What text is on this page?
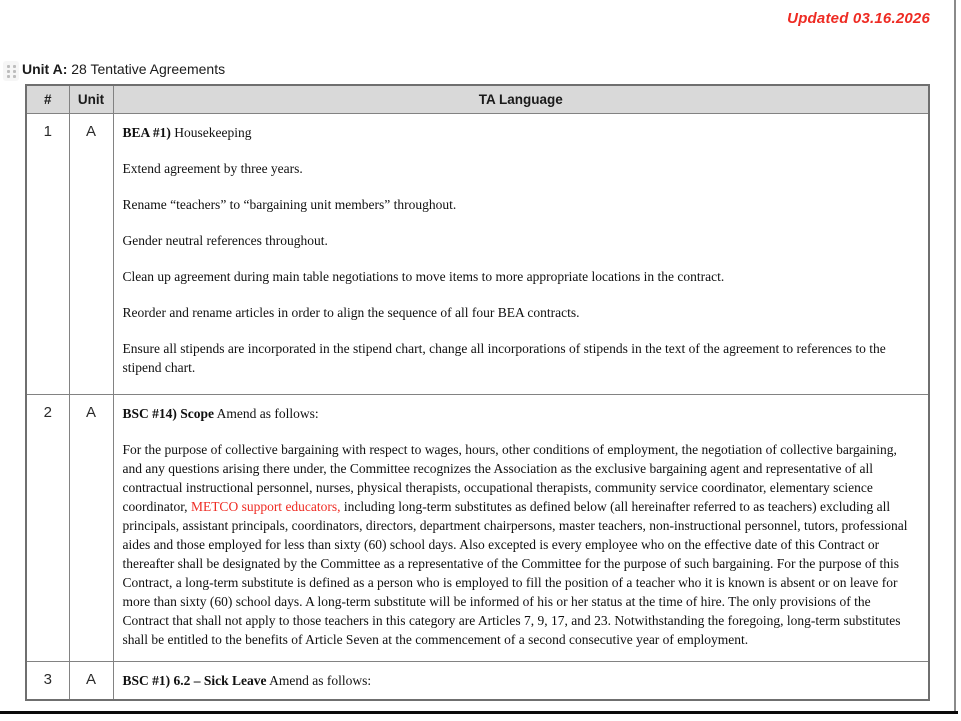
Updated 03.16.2026
Unit A: 28 Tentative Agreements
#	Unit	TA Language
1	A	BEA #1) Housekeeping

Extend agreement by three years.

Rename “teachers” to “bargaining unit members” throughout.

Gender neutral references throughout.

Clean up agreement during main table negotiations to move items to more appropriate locations in the contract.

Reorder and rename articles in order to align the sequence of all four BEA contracts.

Ensure all stipends are incorporated in the stipend chart, change all incorporations of stipends in the text of the agreement to references to the stipend chart.

2	A	BSC #14) Scope Amend as follows:

For the purpose of collective bargaining with respect to wages, hours, other conditions of employment, the negotiation of collective bargaining, and any questions arising there under, the Committee recognizes the Association as the exclusive bargaining agent and representative of all contractual instructional personnel, nurses, physical therapists, occupational therapists, community service coordinator, elementary science coordinator, METCO support educators, including long-term substitutes as defined below (all hereinafter referred to as teachers) excluding all principals, assistant principals, coordinators, directors, department chairpersons, master teachers, non-instructional personnel, tutors, professional aides and those employed for less than sixty (60) school days. Also excepted is every employee who on the effective date of this Contract or thereafter shall be designated by the Committee as a representative of the Committee for the purpose of such bargaining. For the purpose of this Contract, a long-term substitute is defined as a person who is employed to fill the position of a teacher who it is known is absent or on leave for more than sixty (60) school days. A long-term substitute will be informed of his or her status at the time of hire. The only provisions of the Contract that shall not apply to those teachers in this category are Articles 7, 9, 17, and 23. Notwithstanding the foregoing, long-term substitutes shall be entitled to the benefits of Article Seven at the commencement of a second consecutive year of employment.

3	A	BSC #1) 6.2 – Sick Leave Amend as follows:
